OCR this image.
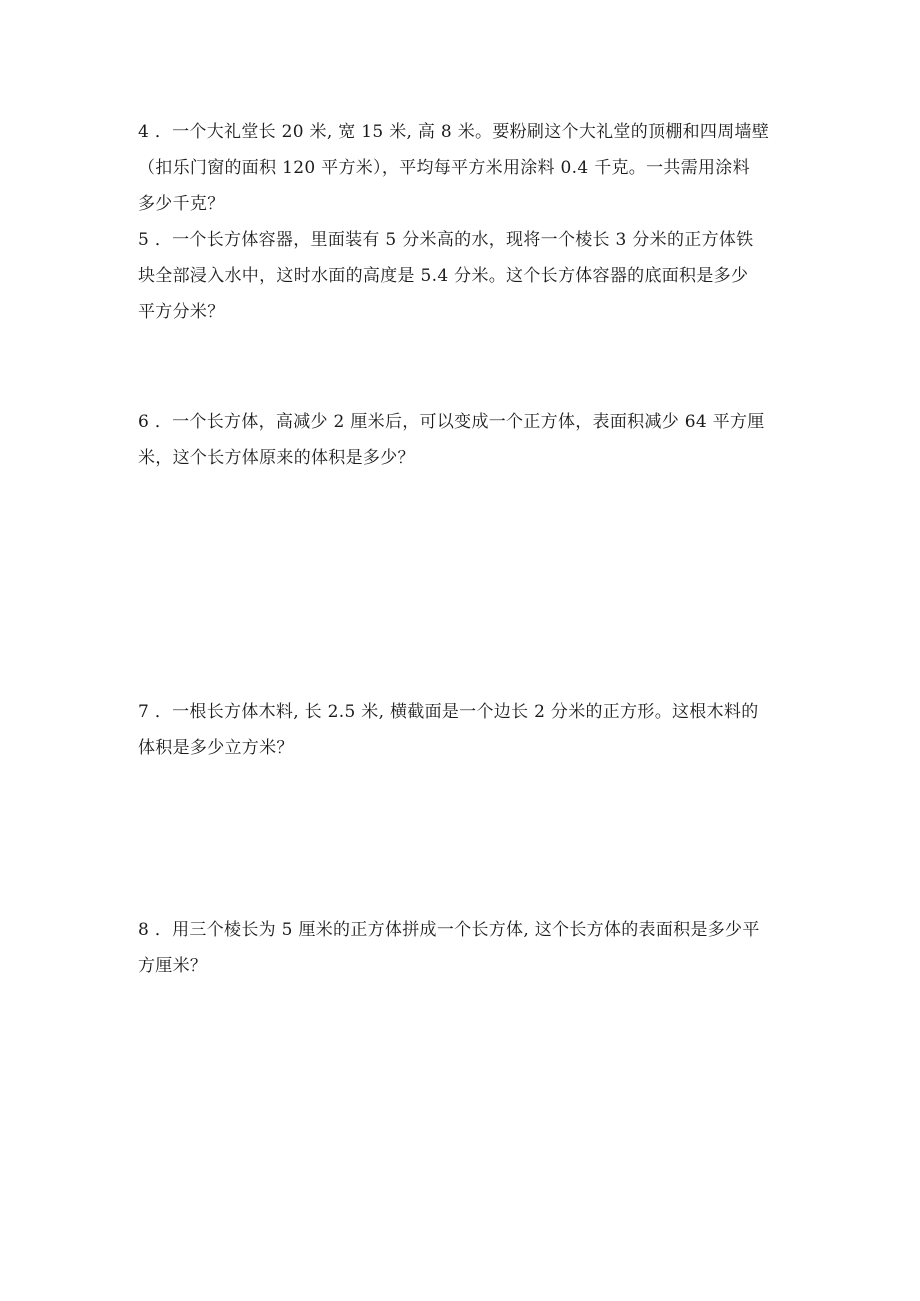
4 ．一个大礼堂长 20 米, 宽 15 米, 高 8 米。要粉刷这个大礼堂的顶棚和四周墙壁
（扣乐门窗的面积 120 平方米），平均每平方米用涂料 0.4 千克。一共需用涂料
多少千克？
5 ．一个长方体容器，里面装有 5 分米高的水，现将一个棱长 3 分米的正方体铁
块全部浸入水中，这时水面的高度是 5.4 分米。这个长方体容器的底面积是多少
平方分米？
6 ．一个长方体，高减少 2 厘米后，可以变成一个正方体，表面积减少 64 平方厘
米，这个长方体原来的体积是多少？
7 ．一根长方体木料, 长 2.5 米, 横截面是一个边长 2 分米的正方形。这根木料的
体积是多少立方米？
8 ．用三个棱长为 5 厘米的正方体拼成一个长方体, 这个长方体的表面积是多少平
方厘米？
